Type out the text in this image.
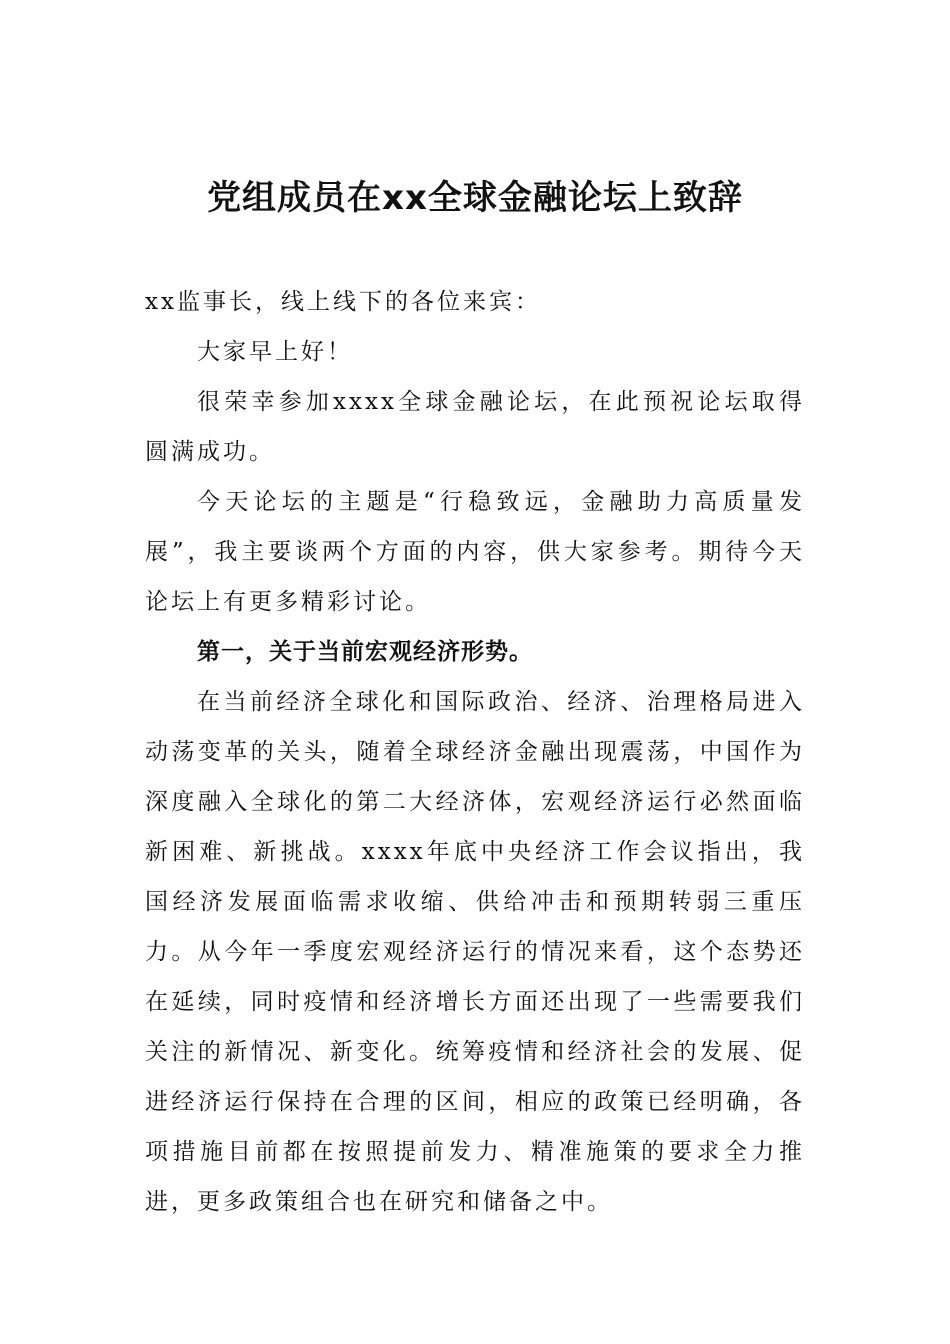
党组成员在xx全球金融论坛上致辞

xx监事长，线上线下的各位来宾：

大家早上好！

很荣幸参加xxxx全球金融论坛，在此预祝论坛取得圆满成功。

今天论坛的主题是“行稳致远，金融助力高质量发展”，我主要谈两个方面的内容，供大家参考。期待今天论坛上有更多精彩讨论。

第一，关于当前宏观经济形势。

在当前经济全球化和国际政治、经济、治理格局进入动荡变革的关头，随着全球经济金融出现震荡，中国作为深度融入全球化的第二大经济体，宏观经济运行必然面临新困难、新挑战。xxxx年底中央经济工作会议指出，我国经济发展面临需求收缩、供给冲击和预期转弱三重压力。从今年一季度宏观经济运行的情况来看，这个态势还在延续，同时疫情和经济增长方面还出现了一些需要我们关注的新情况、新变化。统筹疫情和经济社会的发展、促进经济运行保持在合理的区间，相应的政策已经明确，各项措施目前都在按照提前发力、精准施策的要求全力推进，更多政策组合也在研究和储备之中。
